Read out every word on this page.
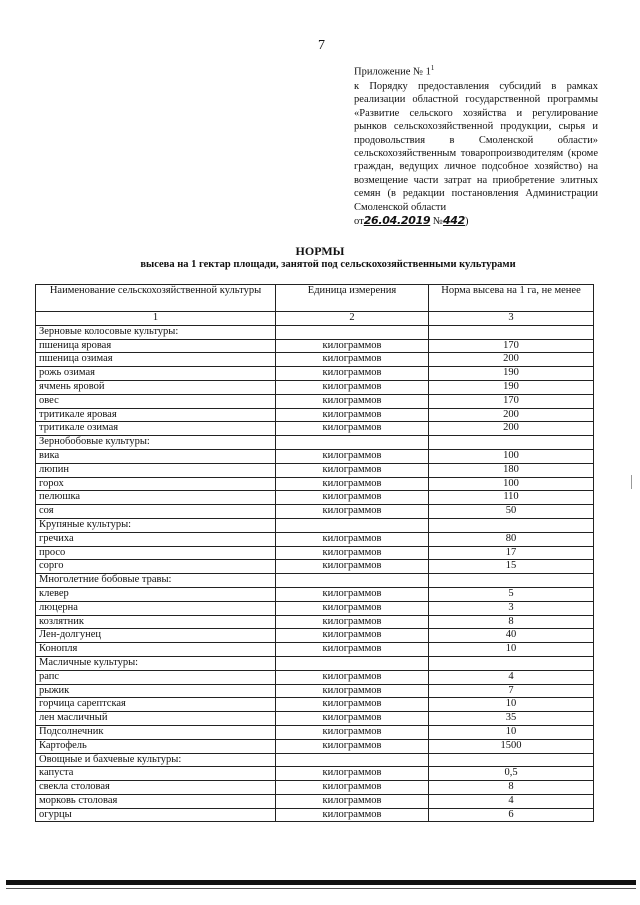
7

Приложение № $1^1$

к Порядку предоставления субсидий в рамках реализации областной государственной программы «Развитие сельского хозяйства и регулирование рынков сельскохозяйственной продукции, сырья и продовольствия в Смоленской области» сельскохозяйственным товаропроизводителям (кроме граждан, ведущих личное подсобное хозяйство) на возмещение части затрат на приобретение элитных семян (в редакции постановления Администрации Смоленской области
от26.04.2019 №442)

НОРМЫ
высева на 1 гектар площади, занятой под сельскохозяйственными культурами
Наименование сельскохозяйственной культуры	Единица измерения	Норма высева на 1 га, не менее
1	2	3
Зерновые колосовые культуры:		
пшеница яровая	килограммов	170
пшеница озимая	килограммов	200
рожь озимая	килограммов	190
ячмень яровой	килограммов	190
овес	килограммов	170
тритикале яровая	килограммов	200
тритикале озимая	килограммов	200
Зернобобовые культуры:		
вика	килограммов	100
люпин	килограммов	180
горох	килограммов	100
пелюшка	килограммов	110
соя	килограммов	50
Крупяные культуры:		
гречиха	килограммов	80
просо	килограммов	17
сорго	килограммов	15
Многолетние бобовые травы:		
клевер	килограммов	5
люцерна	килограммов	3
козлятник	килограммов	8
Лен-долгунец	килограммов	40
Конопля	килограммов	10
Масличные культуры:		
рапс	килограммов	4
рыжик	килограммов	7
горчица сарептская	килограммов	10
лен масличный	килограммов	35
Подсолнечник	килограммов	10
Картофель	килограммов	1500
Овощные и бахчевые культуры:		
капуста	килограммов	0,5
свекла столовая	килограммов	8
морковь столовая	килограммов	4
огурцы	килограммов	6
